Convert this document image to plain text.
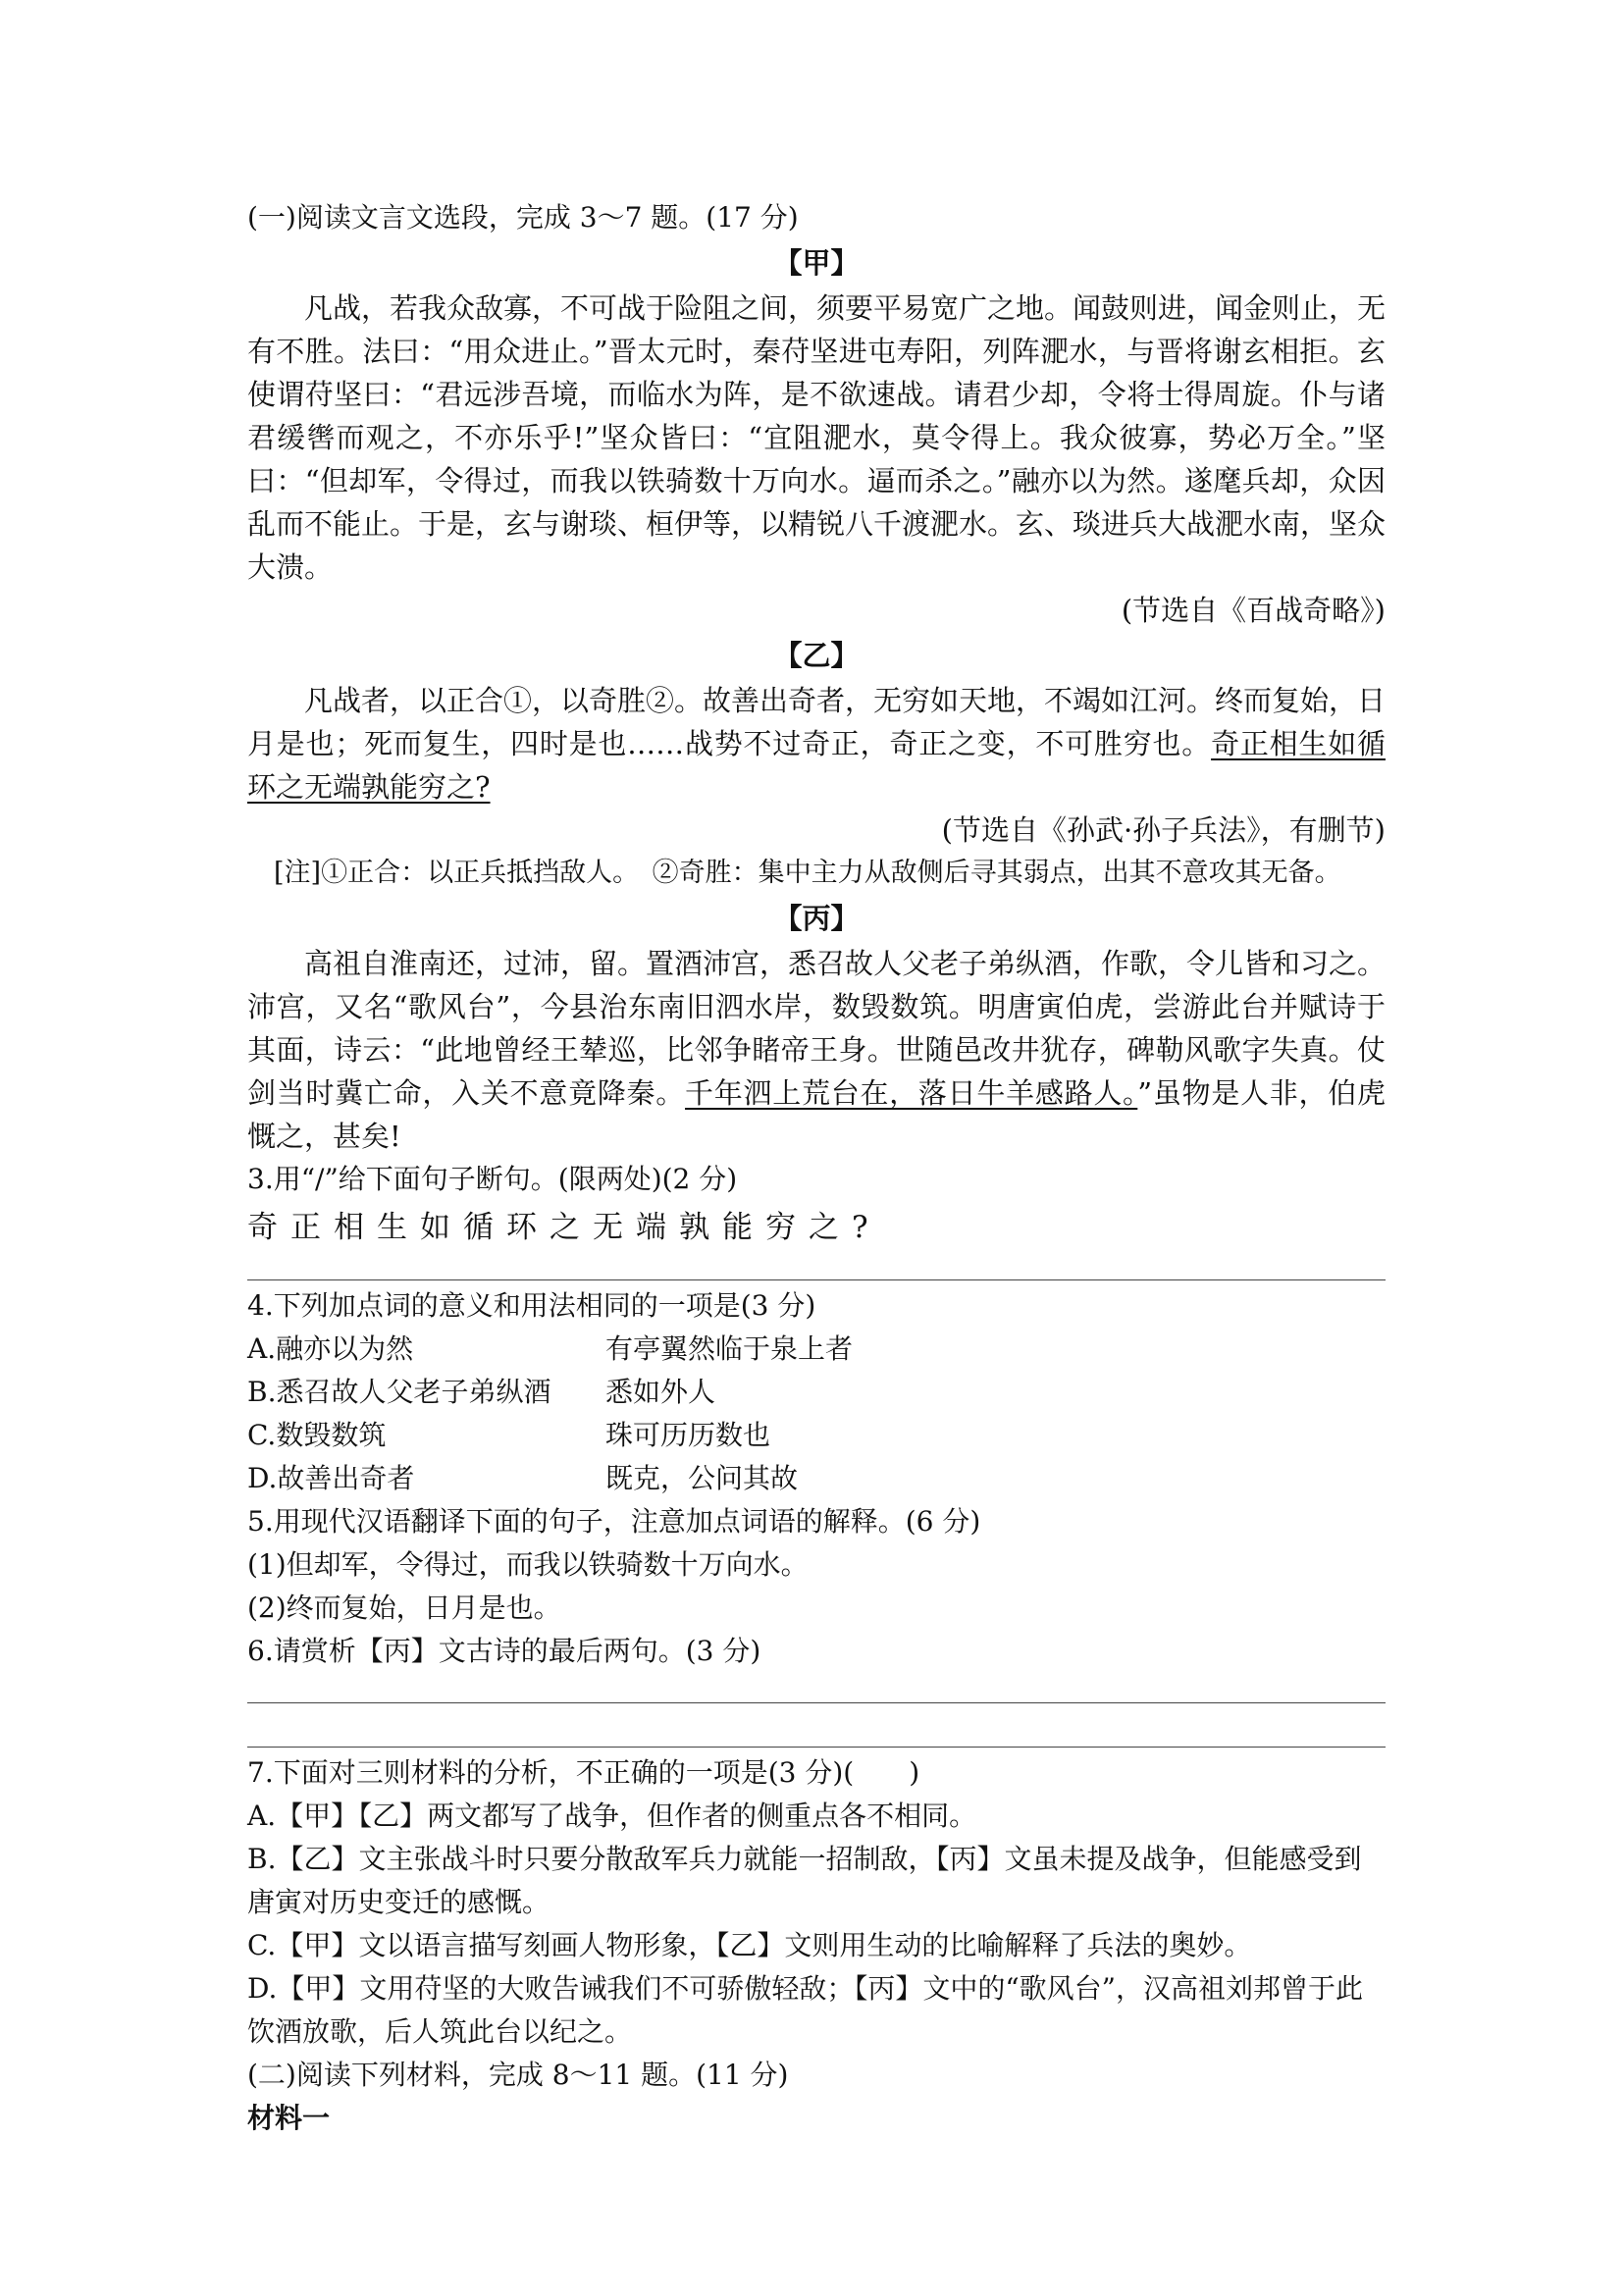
(一)阅读文言文选段，完成 3～7 题。(17 分)
【甲】

凡战，若我众敌寡，不可战于险阻之间，须要平易宽广之地。闻鼓则进，闻金则止，无有不胜。法曰：“用众进止。”晋太元时，秦苻坚进屯寿阳，列阵淝水，与晋将谢玄相拒。玄使谓苻坚曰：“君远涉吾境，而临水为阵，是不欲速战。请君少却，令将士得周旋。仆与诸君缓辔而观之，不亦乐乎!”坚众皆曰：“宜阻淝水，莫令得上。我众彼寡，势必万全。”坚曰：“但却军，令得过，而我以铁骑数十万向水。逼而杀之。”融亦以为然。遂麾兵却，众因乱而不能止。于是，玄与谢琰、桓伊等，以精锐八千渡淝水。玄、琰进兵大战淝水南，坚众大溃。
(节选自《百战奇略》)

【乙】

凡战者，以正合①，以奇胜②。故善出奇者，无穷如天地，不竭如江河。终而复始，日月是也；死而复生，四时是也……战势不过奇正，奇正之变，不可胜穷也。奇正相生如循环之无端孰能穷之?
(节选自《孙武·孙子兵法》，有删节)

[注]①正合：以正兵抵挡敌人。　②奇胜：集中主力从敌侧后寻其弱点，出其不意攻其无备。

【丙】

高祖自淮南还，过沛，留。置酒沛宫，悉召故人父老子弟纵酒，作歌，令儿皆和习之。沛宫，又名“歌风台”，今县治东南旧泗水岸，数毁数筑。明唐寅伯虎，尝游此台并赋诗于其面，诗云：“此地曾经王辇巡，比邻争睹帝王身。世随邑改井犹存，碑勒风歌字失真。仗剑当时冀亡命，入关不意竟降秦。千年泗上荒台在，落日牛羊感路人。”虽物是人非，伯虎慨之，甚矣!

3.用“/”给下面句子断句。(限两处)(2 分)

奇正相生如循环之无端孰能穷之?

4.下列加点词的意义和用法相同的一项是(3 分)

A.融亦以为然	有亭翼然临于泉上者
B.悉召故人父老子弟纵酒	悉如外人
C.数毁数筑	珠可历历数也
D.故善出奇者	既克，公问其故

5.用现代汉语翻译下面的句子，注意加点词语的解释。(6 分)

(1)但却军，令得过，而我以铁骑数十万向水。

(2)终而复始，日月是也。

6.请赏析【丙】文古诗的最后两句。(3 分)

7.下面对三则材料的分析，不正确的一项是(3 分)(　　)

A.【甲】【乙】两文都写了战争，但作者的侧重点各不相同。

B.【乙】文主张战斗时只要分散敌军兵力就能一招制敌，【丙】文虽未提及战争，但能感受到唐寅对历史变迁的感慨。

C.【甲】文以语言描写刻画人物形象，【乙】文则用生动的比喻解释了兵法的奥妙。

D.【甲】文用苻坚的大败告诫我们不可骄傲轻敌；【丙】文中的“歌风台”，汉高祖刘邦曾于此饮酒放歌，后人筑此台以纪之。

(二)阅读下列材料，完成 8～11 题。(11 分)

材料一
